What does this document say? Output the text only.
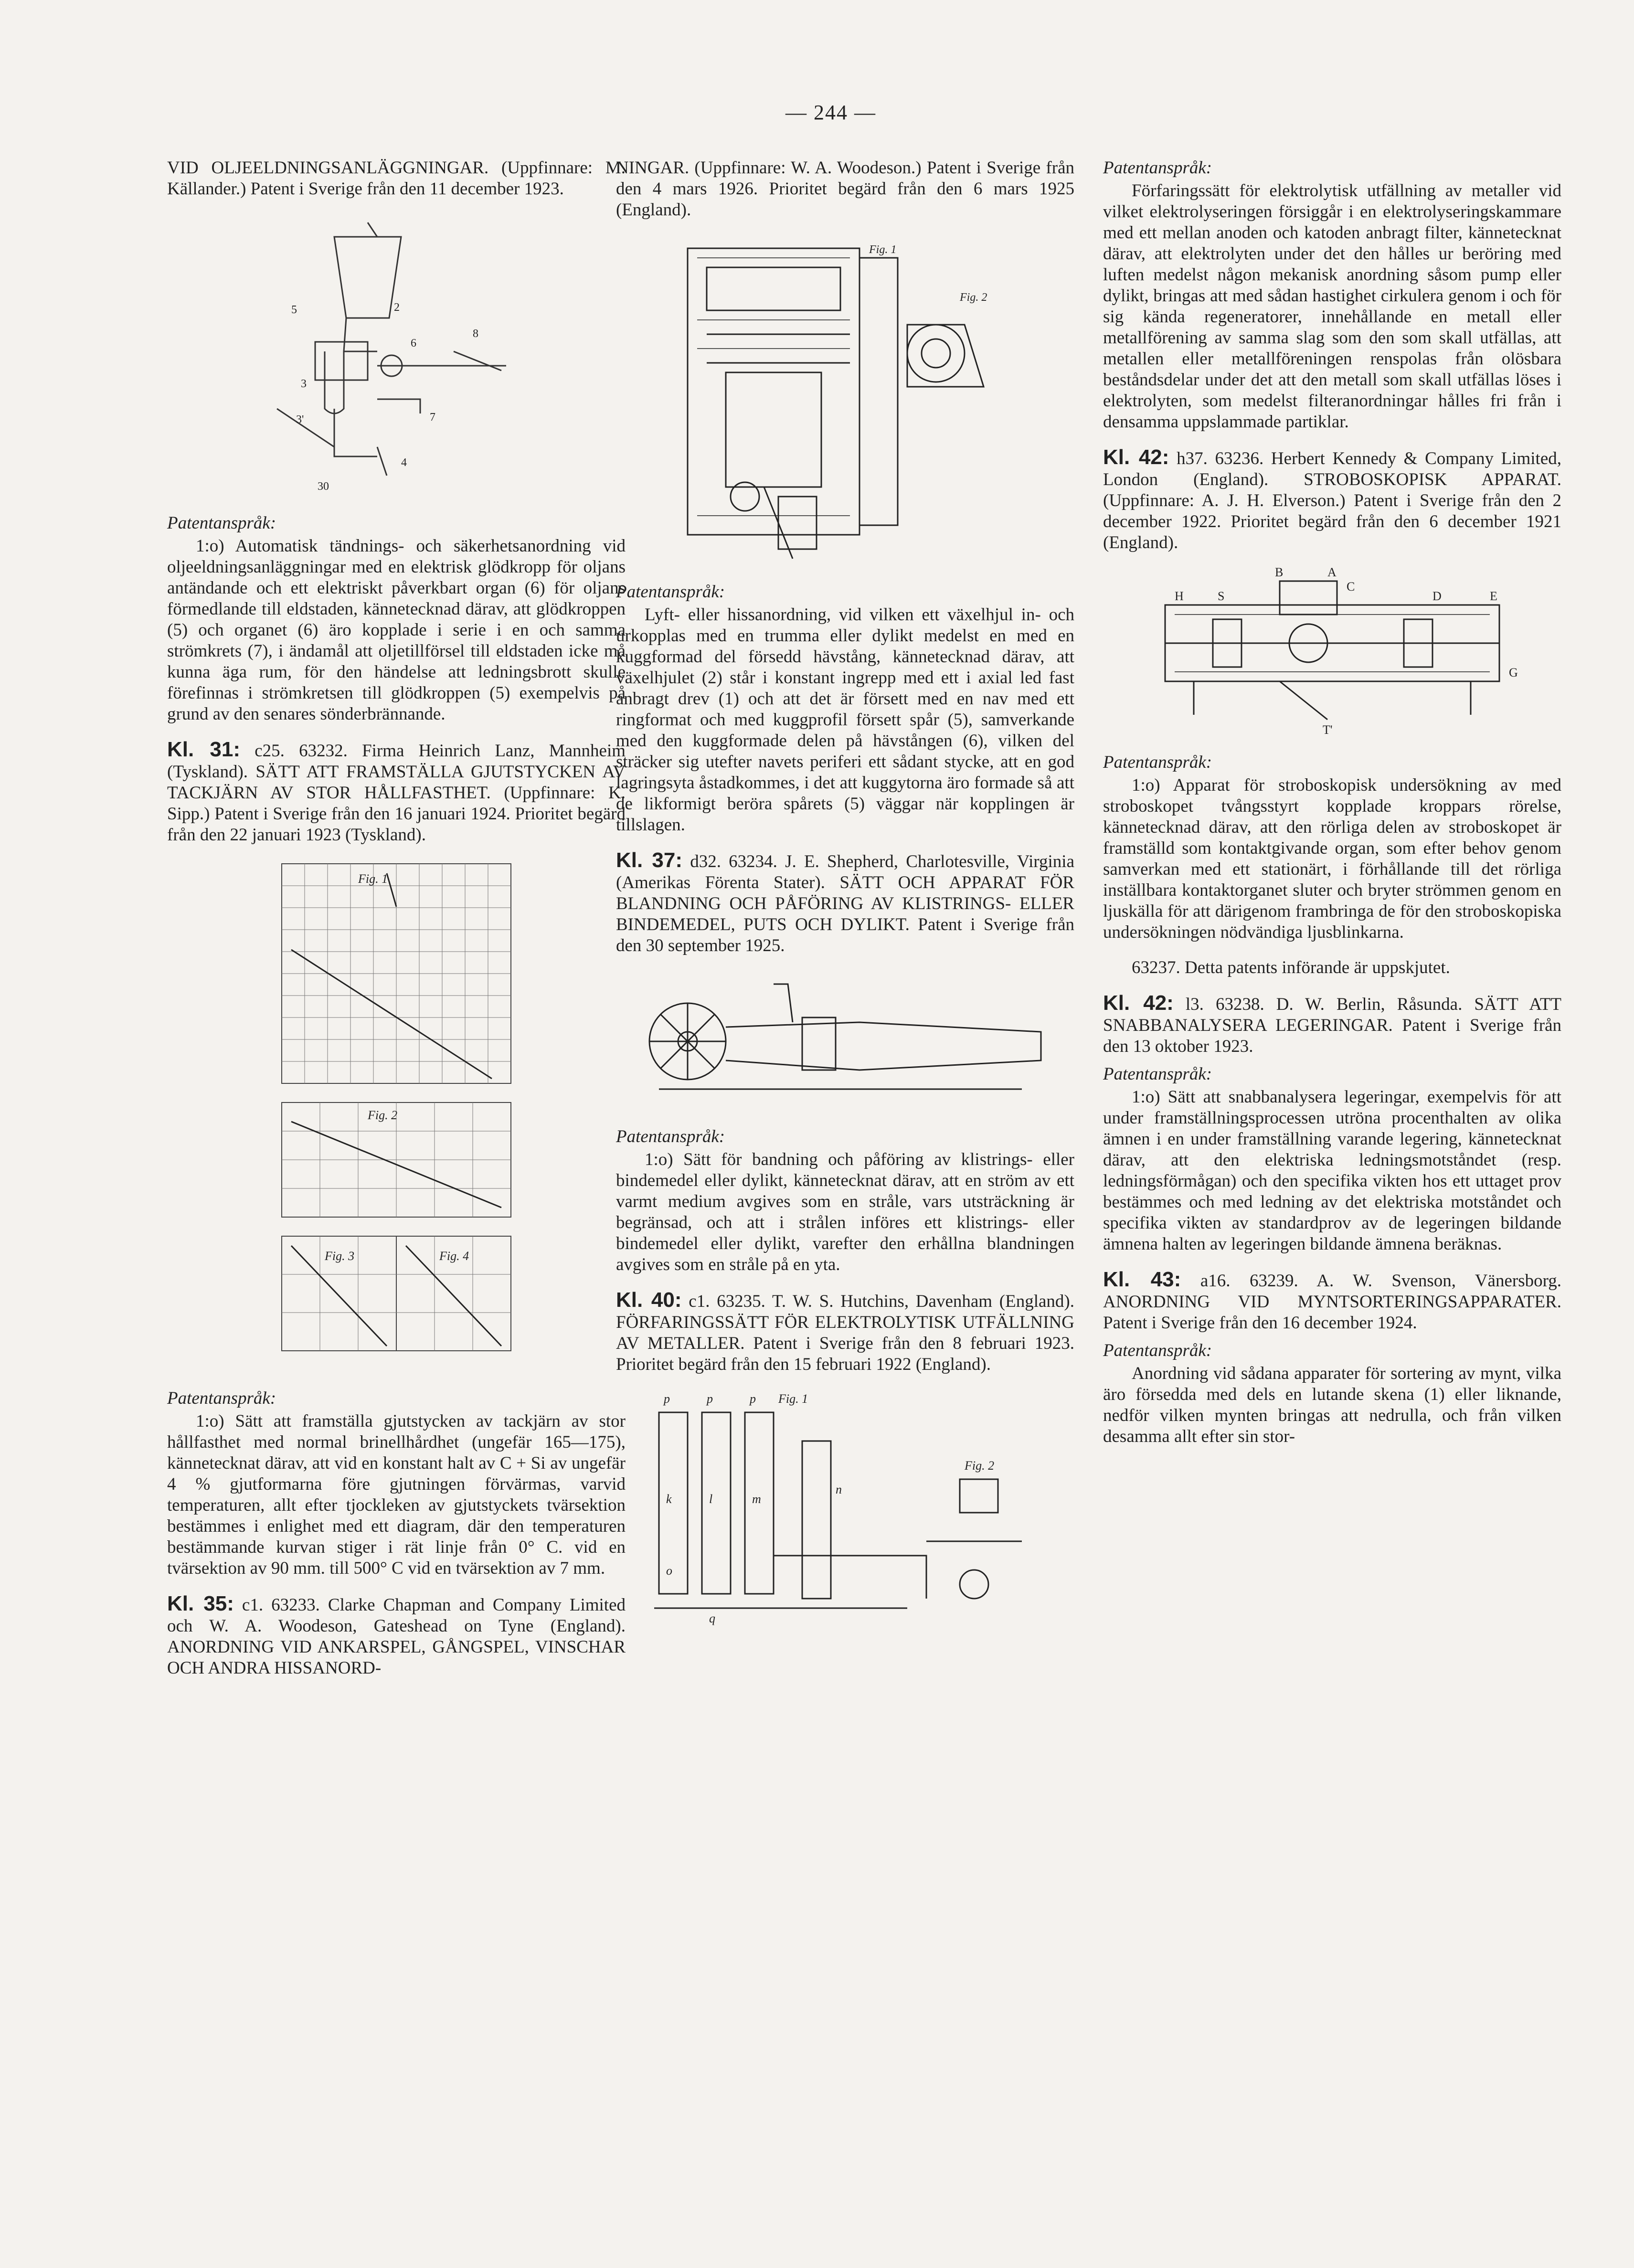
— 244 —

VID OLJEELDNINGSANLÄGGNINGAR. (Uppfinnare: M. Källander.) Patent i Sverige från den 11 december 1923.

5	2
8
6
3
3'	7
4
30

Patentanspråk:

1:o) Automatisk tändnings- och säkerhetsanordning vid oljeeldningsanläggningar med en elektrisk glödkropp för oljans antändande och ett elektriskt påverkbart organ (6) för oljans förmedlande till eldstaden, kännetecknad därav, att glödkroppen (5) och organet (6) äro kopplade i serie i en och samma strömkrets (7), i ändamål att oljetillförsel till eldstaden icke må kunna äga rum, för den händelse att ledningsbrott skulle förefinnas i strömkretsen till glödkroppen (5) exempelvis på grund av den senares sönderbrännande.

Kl. 31: c25. 63232. Firma Heinrich Lanz, Mannheim (Tyskland). SÄTT ATT FRAMSTÄLLA GJUTSTYCKEN AV TACKJÄRN AV STOR HÅLLFASTHET. (Uppfinnare: K. Sipp.) Patent i Sverige från den 16 januari 1924. Prioritet begärd från den 22 januari 1923 (Tyskland).

Fig. 1
Fig. 2
Fig. 3	Fig. 4

Patentanspråk:

1:o) Sätt att framställa gjutstycken av tackjärn av stor hållfasthet med normal brinellhårdhet (ungefär 165—175), kännetecknat därav, att vid en konstant halt av C + Si av ungefär 4 % gjutformarna före gjutningen förvärmas, varvid temperaturen, allt efter tjockleken av gjutstyckets tvärsektion bestämmes i enlighet med ett diagram, där den temperaturen bestämmande kurvan stiger i rät linje från 0° C. vid en tvärsektion av 90 mm. till 500° C vid en tvärsektion av 7 mm.

Kl. 35: c1. 63233. Clarke Chapman and Company Limited och W. A. Woodeson, Gateshead on Tyne (England). ANORDNING VID ANKARSPEL, GÅNGSPEL, VINSCHAR OCH ANDRA HISSANORD-

NINGAR. (Uppfinnare: W. A. Woodeson.) Patent i Sverige från den 4 mars 1926. Prioritet begärd från den 6 mars 1925 (England).

Fig. 1
Fig. 2

Patentanspråk:

Lyft- eller hissanordning, vid vilken ett växelhjul in- och urkopplas med en trumma eller dylikt medelst en med en kuggformad del försedd hävstång, kännetecknad därav, att växelhjulet (2) står i konstant ingrepp med ett i axial led fast anbragt drev (1) och att det är försett med en nav med ett ringformat och med kuggprofil försett spår (5), samverkande med den kuggformade delen på hävstången (6), vilken del sträcker sig utefter navets periferi ett sådant stycke, att en god lagringsyta åstadkommes, i det att kuggytorna äro formade så att de likformigt beröra spårets (5) väggar när kopplingen är tillslagen.

Kl. 37: d32. 63234. J. E. Shepherd, Charlotesville, Virginia (Amerikas Förenta Stater). SÄTT OCH APPARAT FÖR BLANDNING OCH PÅFÖRING AV KLISTRINGS- ELLER BINDEMEDEL, PUTS OCH DYLIKT. Patent i Sverige från den 30 september 1925.

Patentanspråk:

1:o) Sätt för bandning och påföring av klistrings- eller bindemedel eller dylikt, kännetecknat därav, att en ström av ett varmt medium avgives som en stråle, vars utsträckning är begränsad, och att i strålen införes ett klistrings- eller bindemedel eller dylikt, varefter den erhållna blandningen avgives som en stråle på en yta.

Kl. 40: c1. 63235. T. W. S. Hutchins, Davenham (England). FÖRFARINGSSÄTT FÖR ELEKTROLYTISK UTFÄLLNING AV METALLER. Patent i Sverige från den 8 februari 1923. Prioritet begärd från den 15 februari 1922 (England).

p	p	p Fig. 1
Fig. 2
k	l	m
n
o
q

Patentanspråk:

Förfaringssätt för elektrolytisk utfällning av metaller vid vilket elektrolyseringen försiggår i en elektrolyseringskammare med ett mellan anoden och katoden anbragt filter, kännetecknat därav, att elektrolyten under det den hålles ur beröring med luften medelst någon mekanisk anordning såsom pump eller dylikt, bringas att med sådan hastighet cirkulera genom i och för sig kända regeneratorer, innehållande en metall eller metallförening av samma slag som den som skall utfällas, att metallen eller metallföreningen renspolas från olösbara beståndsdelar under det att den metall som skall utfällas löses i elektrolyten, som medelst filteranordningar hålles fri från i densamma uppslammade partiklar.

Kl. 42: h37. 63236. Herbert Kennedy & Company Limited, London (England). STROBOSKOPISK APPARAT. (Uppfinnare: A. J. H. Elverson.) Patent i Sverige från den 2 december 1922. Prioritet begärd från den 6 december 1921 (England).

B	A
H	S
C
D	E
G
T'

Patentanspråk:

1:o) Apparat för stroboskopisk undersökning av med stroboskopet tvångsstyrt kopplade kroppars rörelse, kännetecknad därav, att den rörliga delen av stroboskopet är framställd som kontaktgivande organ, som efter behov genom samverkan med ett stationärt, i förhållande till det rörliga inställbara kontaktorganet sluter och bryter strömmen genom en ljuskälla för att därigenom frambringa de för den stroboskopiska undersökningen nödvändiga ljusblinkarna.

63237. Detta patents införande är uppskjutet.

Kl. 42: l3. 63238. D. W. Berlin, Råsunda. SÄTT ATT SNABBANALYSERA LEGERINGAR. Patent i Sverige från den 13 oktober 1923.

Patentanspråk:

1:o) Sätt att snabbanalysera legeringar, exempelvis för att under framställningsprocessen utröna procenthalten av olika ämnen i en under framställning varande legering, kännetecknat därav, att den elektriska ledningsmotståndet (resp. ledningsförmågan) och den specifika vikten hos ett uttaget prov bestämmes och med ledning av det elektriska motståndet och specifika vikten av standardprov av de legeringen bildande ämnena halten av legeringen bildande ämnena beräknas.

Kl. 43: a16. 63239. A. W. Svenson, Vänersborg. ANORDNING VID MYNTSORTERINGSAPPARATER. Patent i Sverige från den 16 december 1924.

Patentanspråk:

Anordning vid sådana apparater för sortering av mynt, vilka äro försedda med dels en lutande skena (1) eller liknande, nedför vilken mynten bringas att nedrulla, och från vilken desamma allt efter sin stor-
